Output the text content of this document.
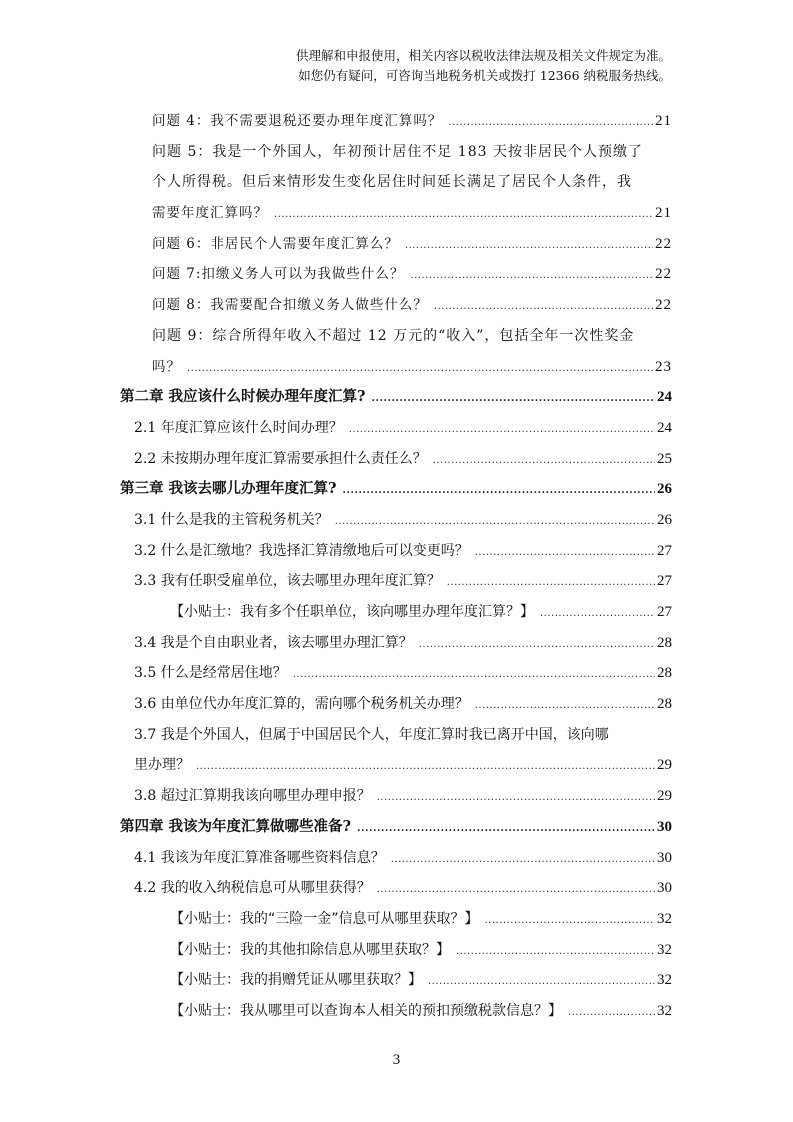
供理解和申报使用，相关内容以税收法律法规及相关文件规定为准。
如您仍有疑问，可咨询当地税务机关或拨打 12366 纳税服务热线。
问题 4：我不需要退税还要办理年度汇算吗？ .....	21
问题 5：我是一个外国人，年初预计居住不足 183 天按非居民个人预缴了
个人所得税。但后来情形发生变化居住时间延长满足了居民个人条件，我
需要年度汇算吗？ .....	21
问题 6：非居民个人需要年度汇算么？ .....	22
问题 7:扣缴义务人可以为我做些什么？ .....	22
问题 8：我需要配合扣缴义务人做些什么？ .....	22
问题 9：综合所得年收入不超过 12 万元的“收入”，包括全年一次性奖金
吗？ .....	23
第二章 我应该什么时候办理年度汇算? .....	24
2.1 年度汇算应该什么时间办理？ .....	24
2.2 未按期办理年度汇算需要承担什么责任么？ .....	25
第三章 我该去哪儿办理年度汇算? .....	26
3.1 什么是我的主管税务机关？ .....	26
3.2 什么是汇缴地？我选择汇算清缴地后可以变更吗？ .....	27
3.3 我有任职受雇单位，该去哪里办理年度汇算？ .....	27
【小贴士：我有多个任职单位，该向哪里办理年度汇算？】 .....	27
3.4 我是个自由职业者，该去哪里办理汇算？ .....	28
3.5 什么是经常居住地？ .....	28
3.6 由单位代办年度汇算的，需向哪个税务机关办理？ .....	28
3.7 我是个外国人，但属于中国居民个人，年度汇算时我已离开中国，该向哪
里办理？ .....	29
3.8 超过汇算期我该向哪里办理申报？ .....	29
第四章 我该为年度汇算做哪些准备? .....	30
4.1 我该为年度汇算准备哪些资料信息？ .....	30
4.2 我的收入纳税信息可从哪里获得？ .....	30
【小贴士：我的“三险一金”信息可从哪里获取？】 .....	32
【小贴士：我的其他扣除信息从哪里获取？】 .....	32
【小贴士：我的捐赠凭证从哪里获取？】 .....	32
【小贴士：我从哪里可以查询本人相关的预扣预缴税款信息？】 .....	32
3
